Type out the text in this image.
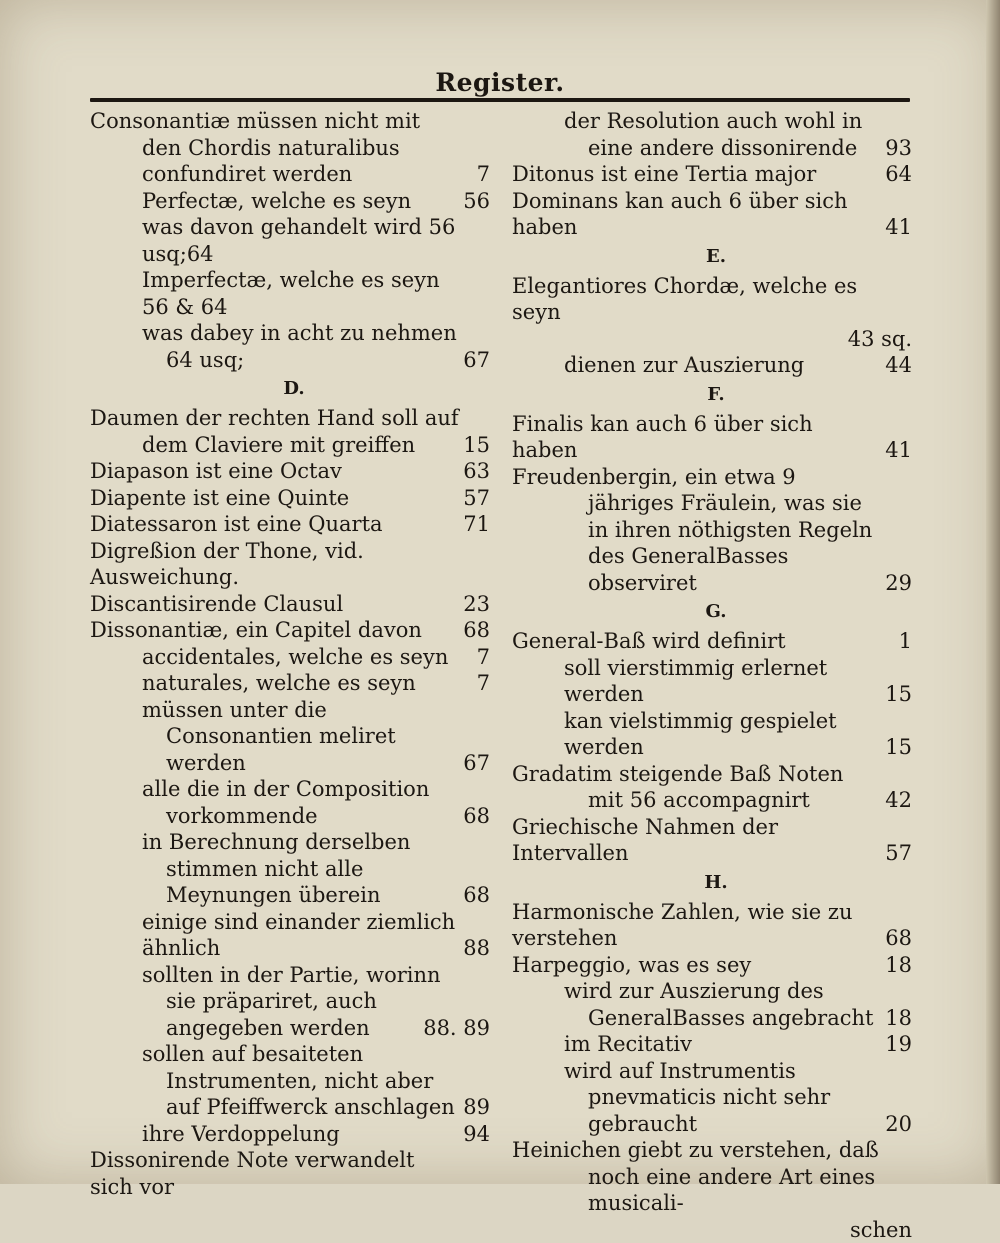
Register.
Consonantiæ müssen nicht mit den Chordis naturalibus confundiret werden	7
Perfectæ, welche es seyn	56
was davon gehandelt wird 56 usq;64
Imperfectæ, welche es seyn 56 & 64
was dabey in acht zu nehmen 64 usq;	67
D.
Daumen der rechten Hand soll auf dem Claviere mit greiffen	15
Diapason ist eine Octav	63
Diapente ist eine Quinte	57
Diatessaron ist eine Quarta	71
Digreßion der Thone, vid. Ausweichung.
Discantisirende Clausul	23
Dissonantiæ, ein Capitel davon	68
accidentales, welche es seyn	7
naturales, welche es seyn	7
müssen unter die Consonantien meliret werden	67
alle die in der Composition vorkommende	68
in Berechnung derselben stimmen nicht alle Meynungen überein	68
einige sind einander ziemlich ähnlich	88
sollten in der Partie, worinn sie präpariret, auch angegeben werden	88. 89
sollen auf besaiteten Instrumenten, nicht aber auf Pfeiffwerck anschlagen 89
ihre Verdoppelung	94
Dissonirende Note verwandelt sich vor
der Resolution auch wohl in eine andere dissonirende	93
Ditonus ist eine Tertia major	64
Dominans kan auch 6 über sich haben	41
E.
Elegantiores Chordæ, welche es seyn

43 sq.
dienen zur Auszierung	44
F.
Finalis kan auch 6 über sich haben	41
Freudenbergin, ein etwa 9 jähriges Fräulein, was sie in ihren nöthigsten Regeln des GeneralBasses observiret	29
G.
General-Baß wird definirt	1
soll vierstimmig erlernet werden	15
kan vielstimmig gespielet werden	15
Gradatim steigende Baß Noten mit 56 accompagnirt	42
Griechische Nahmen der Intervallen	57
H.
Harmonische Zahlen, wie sie zu verstehen	68
Harpeggio, was es sey	18
wird zur Auszierung des GeneralBasses angebracht 18
im Recitativ	19
wird auf Instrumentis pnevmaticis nicht sehr gebraucht	20
Heinichen giebt zu verstehen, daß noch eine andere Art eines musicali-

schen
